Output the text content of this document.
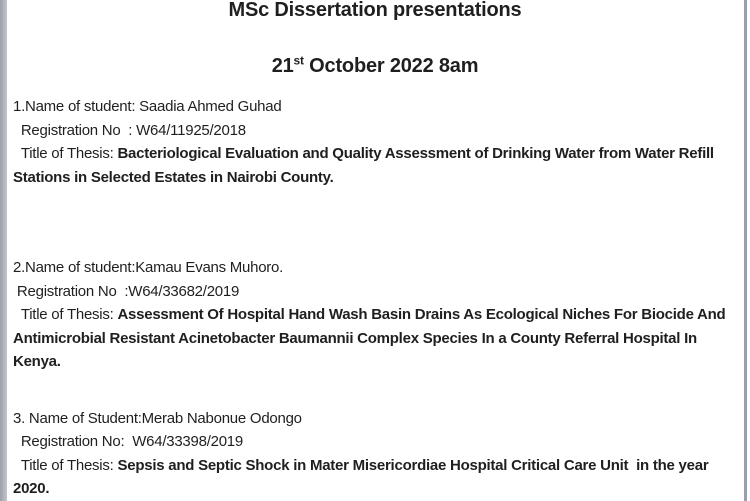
MSc Dissertation presentations
21st October 2022 8am

1.Name of student: Saadia Ahmed Guhad

Registration No  : W64/11925/2018

Title of Thesis: Bacteriological Evaluation and Quality Assessment of Drinking Water from Water Refill Stations in Selected Estates in Nairobi County.

2.Name of student:Kamau Evans Muhoro.

Registration No  :W64/33682/2019

Title of Thesis: Assessment Of Hospital Hand Wash Basin Drains As Ecological Niches For Biocide And Antimicrobial Resistant Acinetobacter Baumannii Complex Species In a County Referral Hospital In Kenya.

3. Name of Student:Merab Nabonue Odongo

Registration No:  W64/33398/2019

Title of Thesis: Sepsis and Septic Shock in Mater Misericordiae Hospital Critical Care Unit  in the year 2020.
